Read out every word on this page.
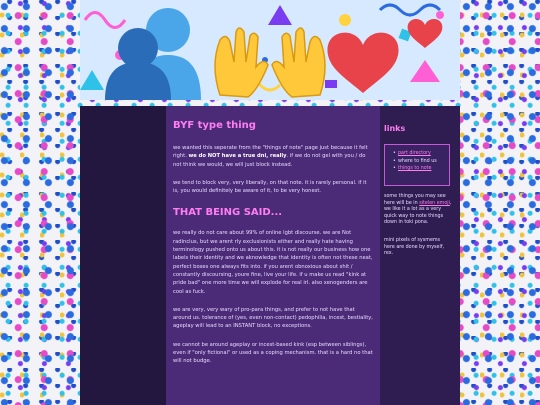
BYF type thing

we wanted this seperate from the "things of note" page just because it felt right. we do NOT have a true dni, really. if we do not gel with you / do not think we would, we will just block instead.

we tend to block very, very liberally, on that note. it is rarely personal. if it is, you would definitely be aware of it, to be very honest.

THAT BEING SAID...

we really do not care about 99% of online lgbt discourse. we are Not radinclus, but we arent rly exclusionists either and really hate having terminology pushed onto us about this. it is not really our business how one labels their identity and we aknowledge that identity is often not these neat, perfect boxes one always fits into. if you arent obnoxious about shit / constantly discoursing, youre fine, live your life. if u make us read "kink at pride bad" one more time we will explode for real irl. also xenogenders are cool as fuck.

we are very, very wary of pro-para things, and prefer to not have that around us. tolerance of (yes, even non-contact) pedophilia, incest, bestiality, ageplay will lead to an INSTANT block, no exceptions.

we cannot be around ageplay or incest-based kink (esp between siblings), even if "only fictional" or used as a coping mechanism. that is a hard no that will not budge.

links
• part directory
• where to find us
• things to note
some things you may see here will be in sitelen emoji, we like it a lot as a very quick way to note things down in toki pona.
mini pixels of sysmems here are done by myself, rex.
